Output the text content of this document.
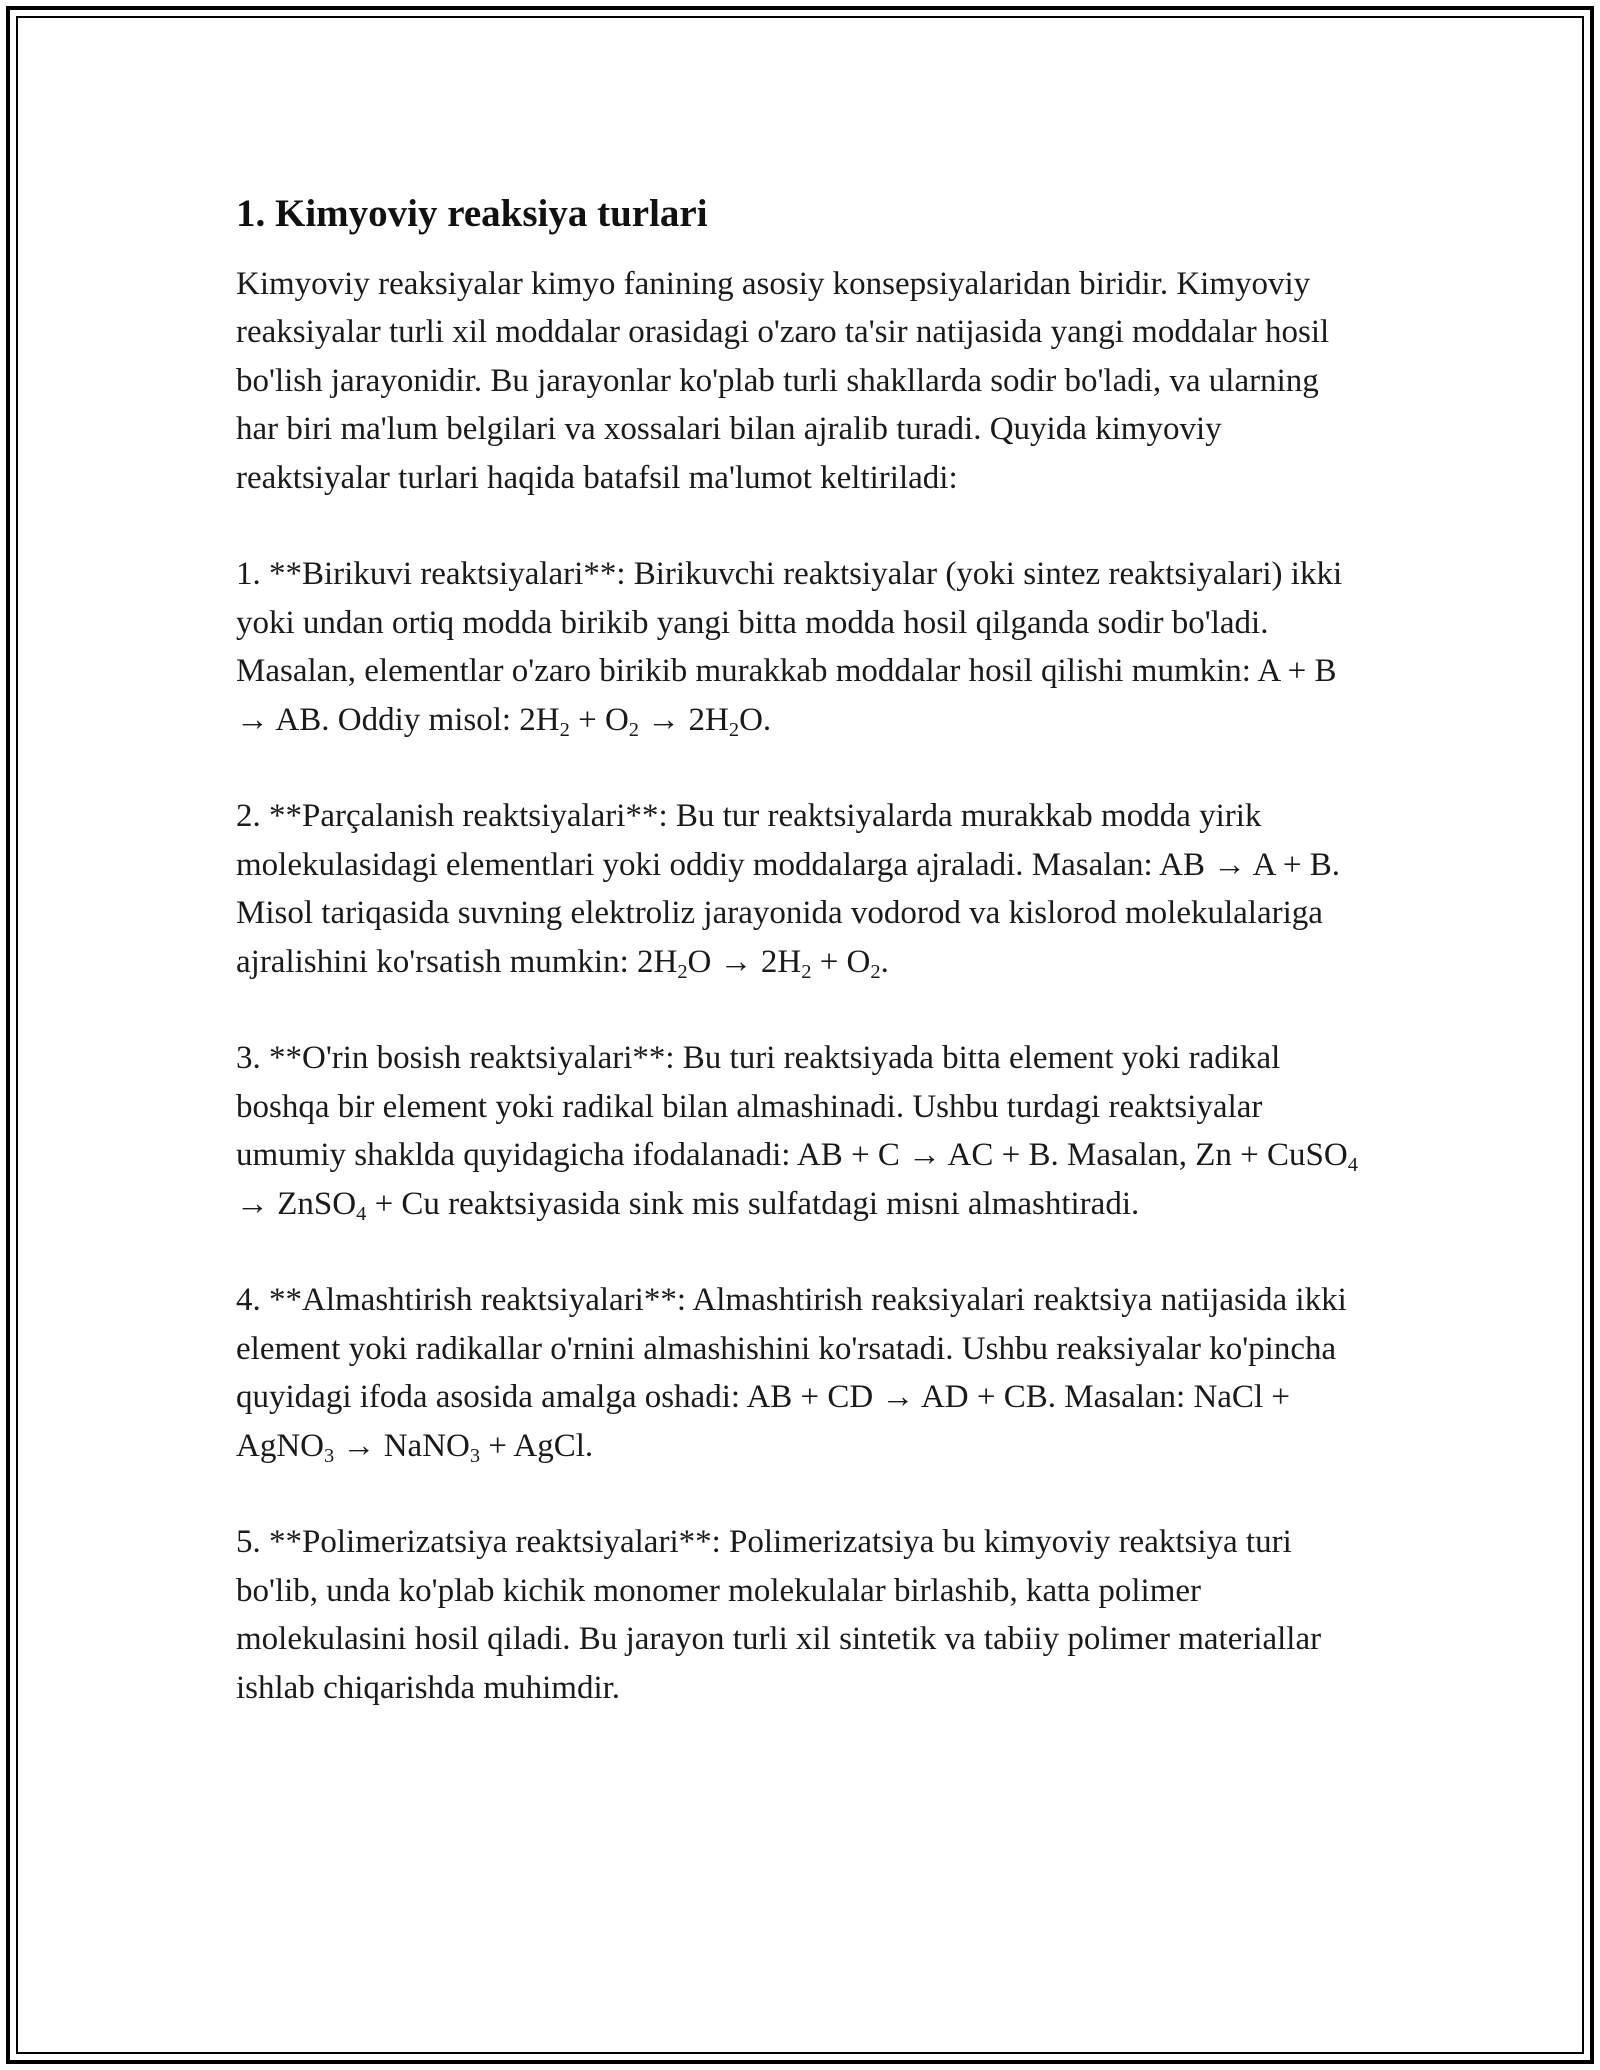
1. Kimyoviy reaksiya turlari

Kimyoviy reaksiyalar kimyo fanining asosiy konsepsiyalaridan biridir. Kimyoviy reaksiyalar turli xil moddalar orasidagi o'zaro ta'sir natijasida yangi moddalar hosil bo'lish jarayonidir. Bu jarayonlar ko'plab turli shakllarda sodir bo'ladi, va ularning har biri ma'lum belgilari va xossalari bilan ajralib turadi. Quyida kimyoviy reaktsiyalar turlari haqida batafsil ma'lumot keltiriladi:

1. **Birikuvi reaktsiyalari**: Birikuvchi reaktsiyalar (yoki sintez reaktsiyalari) ikki yoki undan ortiq modda birikib yangi bitta modda hosil qilganda sodir bo'ladi. Masalan, elementlar o'zaro birikib murakkab moddalar hosil qilishi mumkin: A + B → AB. Oddiy misol: $2H_2 + O_2 \to 2H_2O$.

2. **Parçalanish reaktsiyalari**: Bu tur reaktsiyalarda murakkab modda yirik molekulasidagi elementlari yoki oddiy moddalarga ajraladi. Masalan: AB → A + B. Misol tariqasida suvning elektroliz jarayonida vodorod va kislorod molekulalariga ajralishini ko'rsatish mumkin: $2H_2O \to 2H_2 + O_2$.

3. **O'rin bosish reaktsiyalari**: Bu turi reaktsiyada bitta element yoki radikal boshqa bir element yoki radikal bilan almashinadi. Ushbu turdagi reaktsiyalar umumiy shaklda quyidagicha ifodalanadi: AB + C → AC + B. Masalan, Zn + CuSO$_4$ → ZnSO$_4$ + Cu reaktsiyasida sink mis sulfatdagi misni almashtiradi.

4. **Almashtirish reaktsiyalari**: Almashtirish reaksiyalari reaktsiya natijasida ikki element yoki radikallar o'rnini almashishini ko'rsatadi. Ushbu reaksiyalar ko'pincha quyidagi ifoda asosida amalga oshadi: AB + CD → AD + CB. Masalan: NaCl + AgNO$_3$ → NaNO$_3$ + AgCl.

5. **Polimerizatsiya reaktsiyalari**: Polimerizatsiya bu kimyoviy reaktsiya turi bo'lib, unda ko'plab kichik monomer molekulalar birlashib, katta polimer molekulasini hosil qiladi. Bu jarayon turli xil sintetik va tabiiy polimer materiallar ishlab chiqarishda muhimdir.
